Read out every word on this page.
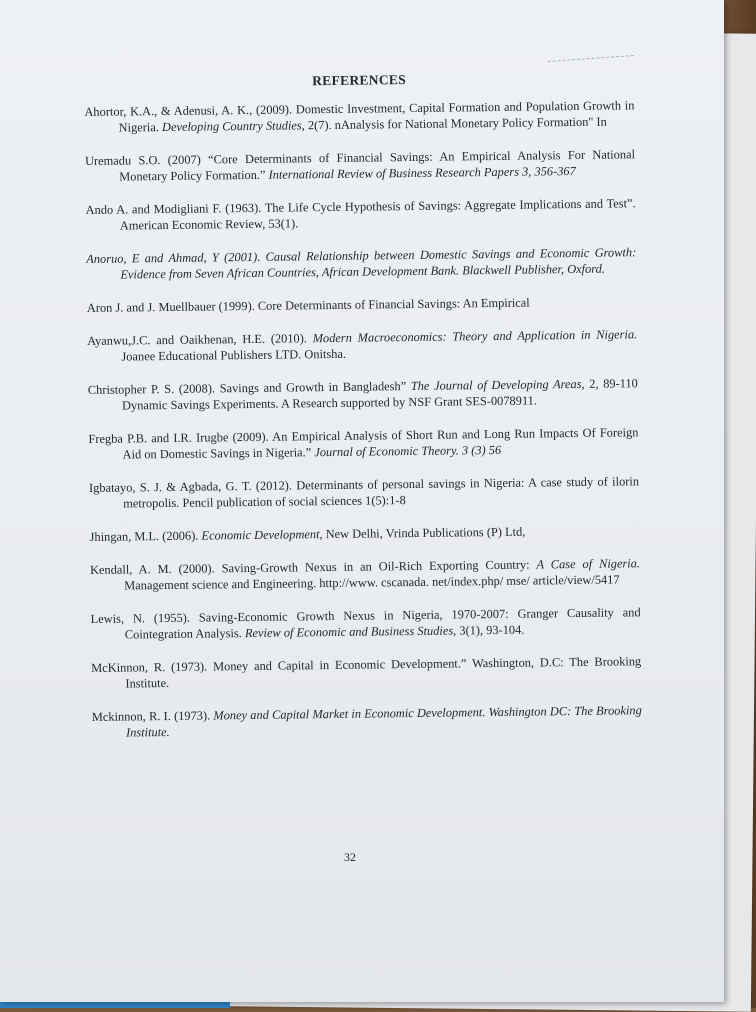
REFERENCES

Ahortor, K.A., & Adenusi, A. K., (2009). Domestic Investment, Capital Formation and Population Growth in Nigeria. Developing Country Studies, 2(7). nAnalysis for National Monetary Policy Formation" In

Uremadu S.O. (2007) “Core Determinants of Financial Savings: An Empirical Analysis For National Monetary Policy Formation.” International Review of Business Research Papers 3, 356-367

Ando A. and Modigliani F. (1963). The Life Cycle Hypothesis of Savings: Aggregate Implications and Test”. American Economic Review, 53(1).

Anoruo, E and Ahmad, Y (2001). Causal Relationship between Domestic Savings and Economic Growth: Evidence from Seven African Countries, African Development Bank. Blackwell Publisher, Oxford.

Aron J. and J. Muellbauer (1999). Core Determinants of Financial Savings: An Empirical

Ayanwu,J.C. and Oaikhenan, H.E. (2010). Modern Macroeconomics: Theory and Application in Nigeria. Joanee Educational Publishers LTD. Onitsha.

Christopher P. S. (2008). Savings and Growth in Bangladesh” The Journal of Developing Areas, 2, 89-110 Dynamic Savings Experiments. A Research supported by NSF Grant SES-0078911.

Fregba P.B. and I.R. Irugbe (2009). An Empirical Analysis of Short Run and Long Run Impacts Of Foreign Aid on Domestic Savings in Nigeria.” Journal of Economic Theory. 3 (3) 56

Igbatayo, S. J. & Agbada, G. T. (2012). Determinants of personal savings in Nigeria: A case study of ilorin metropolis. Pencil publication of social sciences 1(5):1-8

Jhingan, M.L. (2006). Economic Development, New Delhi, Vrinda Publications (P) Ltd,

Kendall, A. M. (2000). Saving-Growth Nexus in an Oil-Rich Exporting Country: A Case of Nigeria. Management science and Engineering. http://www. cscanada. net/index.php/ mse/ article/view/5417

Lewis, N. (1955). Saving-Economic Growth Nexus in Nigeria, 1970-2007: Granger Causality and Cointegration Analysis. Review of Economic and Business Studies, 3(1), 93-104.

McKinnon, R. (1973). Money and Capital in Economic Development.” Washington, D.C: The Brooking Institute.

Mckinnon, R. I. (1973). Money and Capital Market in Economic Development. Washington DC: The Brooking Institute.

32
